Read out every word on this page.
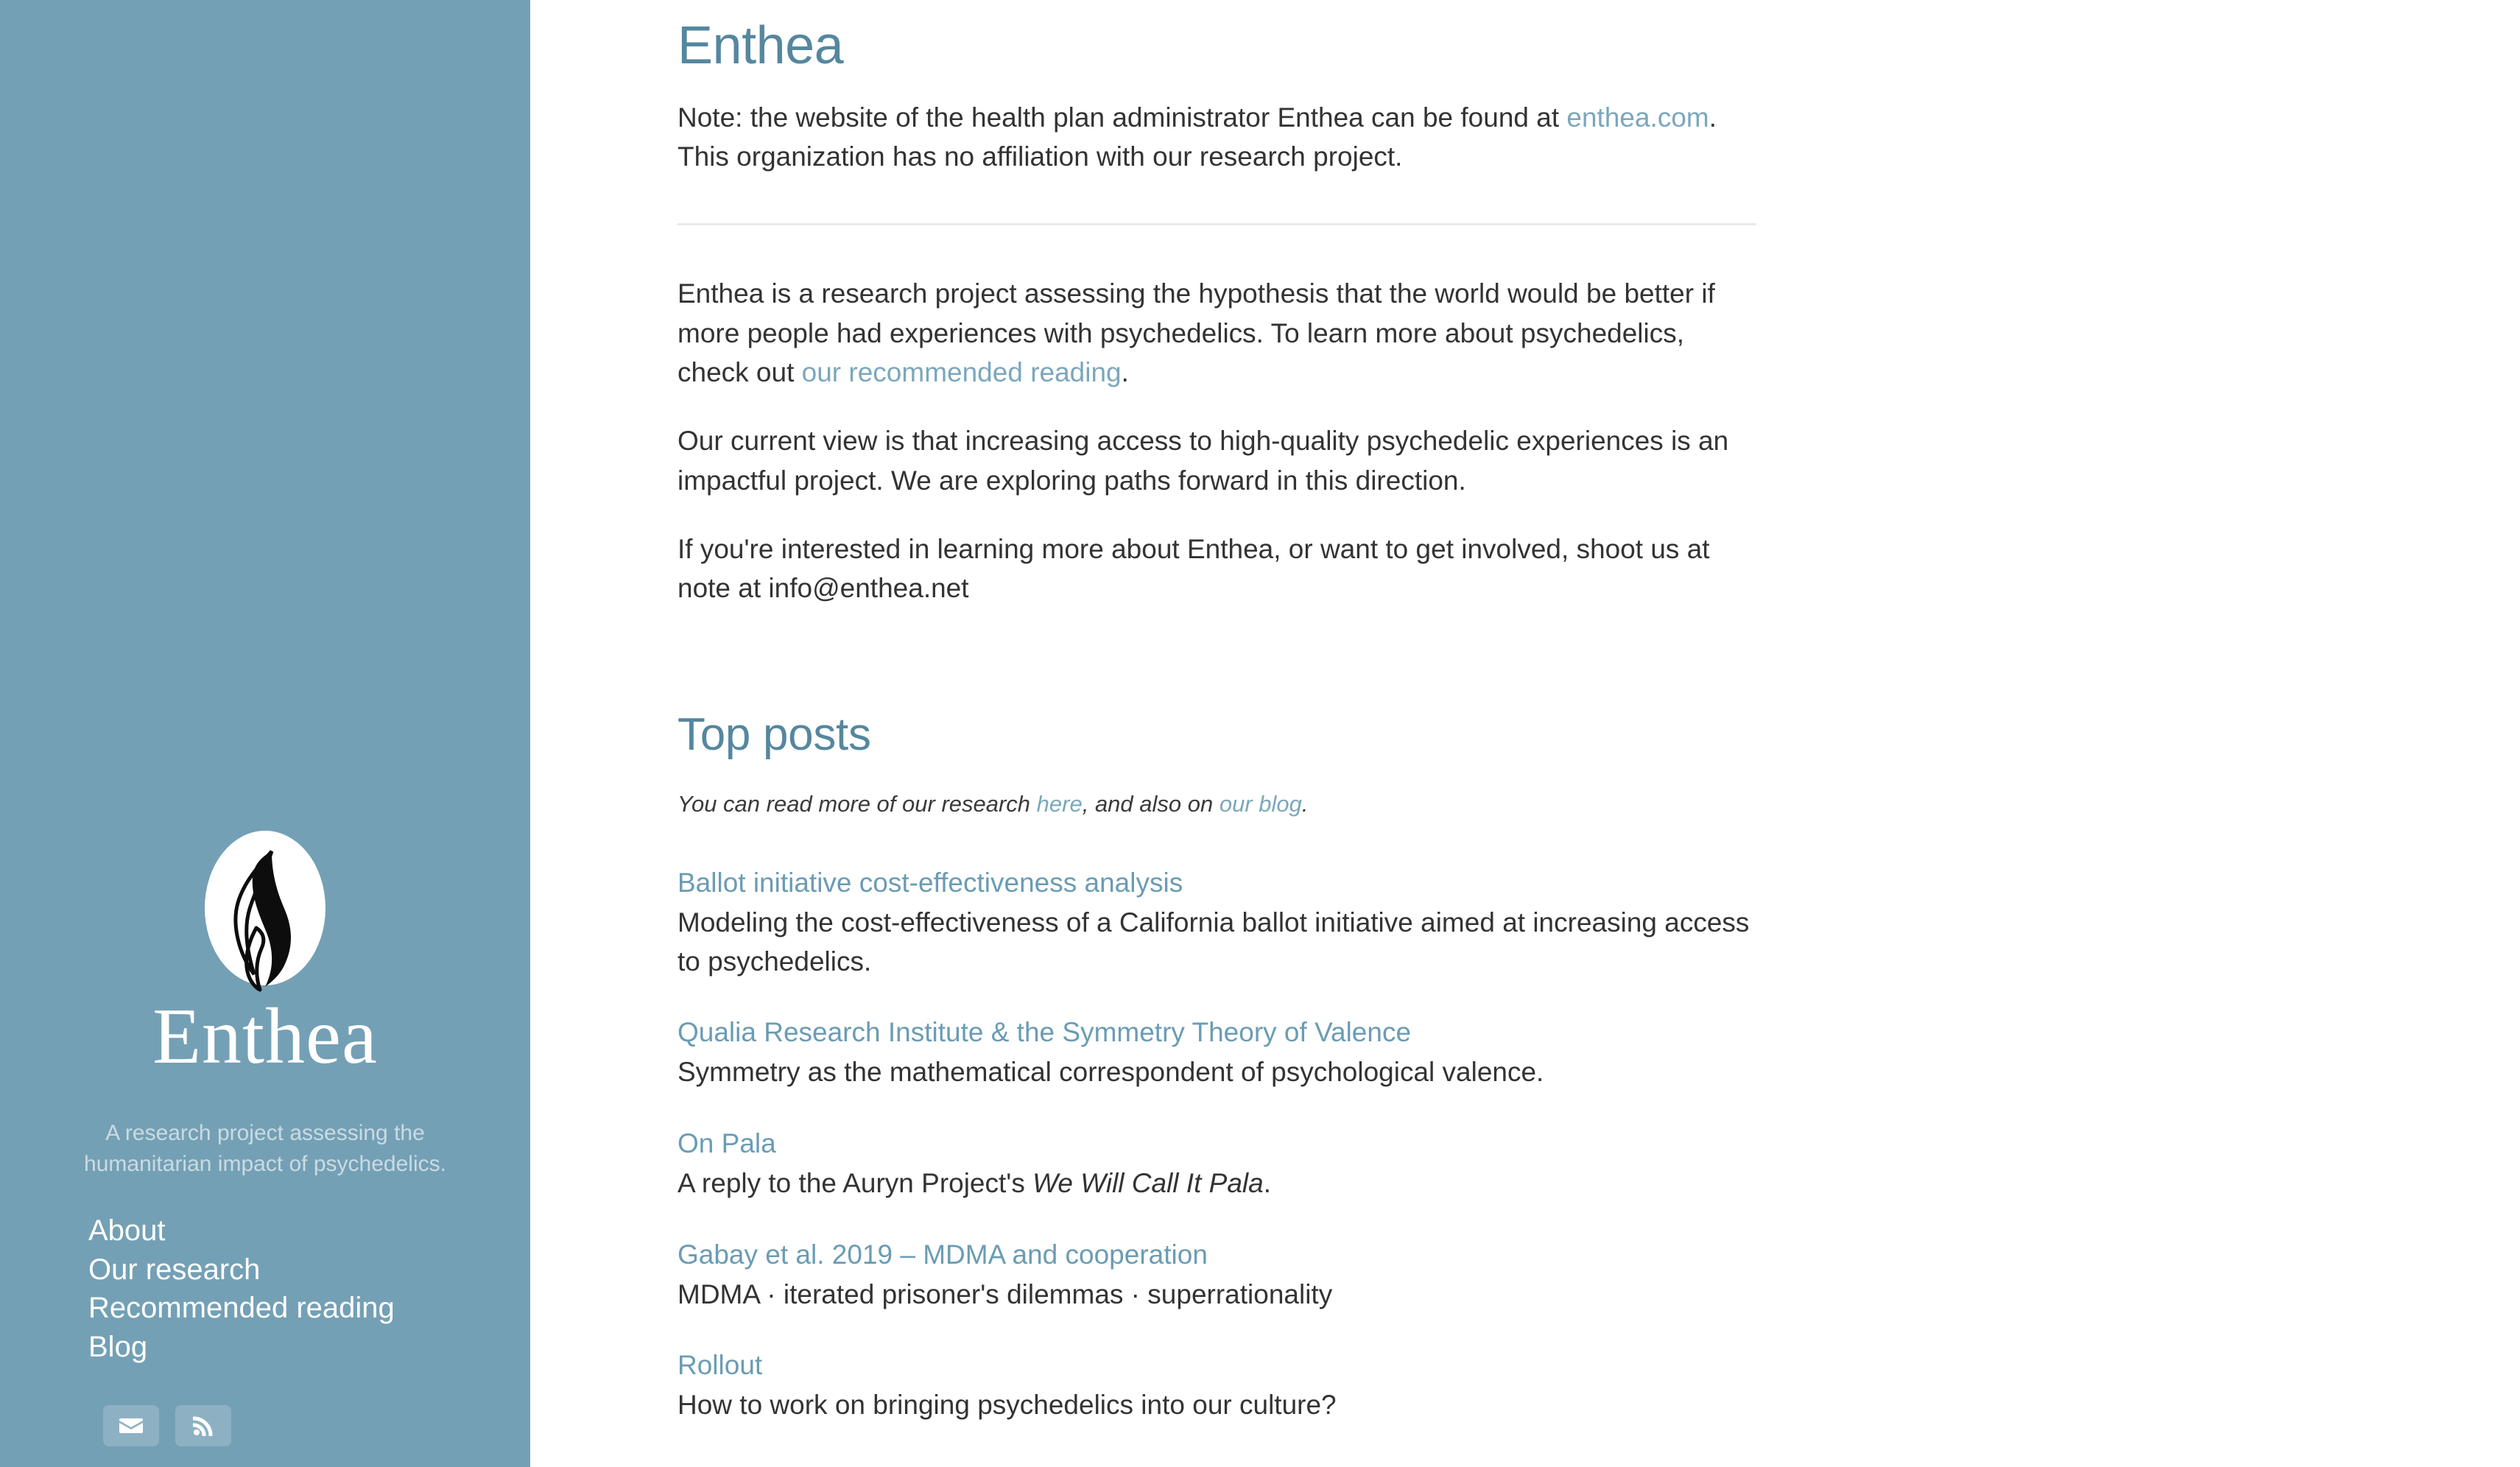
Enthea
A research project assessing the humanitarian impact of psychedelics.
About
Our research
Recommended reading
Blog
Enthea

Note: the website of the health plan administrator Enthea can be found at enthea.com. This organization has no affiliation with our research project.

Enthea is a research project assessing the hypothesis that the world would be better if more people had experiences with psychedelics. To learn more about psychedelics, check out our recommended reading.

Our current view is that increasing access to high-quality psychedelic experiences is an impactful project. We are exploring paths forward in this direction.

If you're interested in learning more about Enthea, or want to get involved, shoot us at note at info@enthea.net

Top posts

You can read more of our research here, and also on our blog.

Ballot initiative cost-effectiveness analysis

Modeling the cost-effectiveness of a California ballot initiative aimed at increasing access to psychedelics.

Qualia Research Institute & the Symmetry Theory of Valence

Symmetry as the mathematical correspondent of psychological valence.

On Pala

A reply to the Auryn Project's We Will Call It Pala.

Gabay et al. 2019 – MDMA and cooperation

MDMA · iterated prisoner's dilemmas · superrationality

Rollout

How to work on bringing psychedelics into our culture?
